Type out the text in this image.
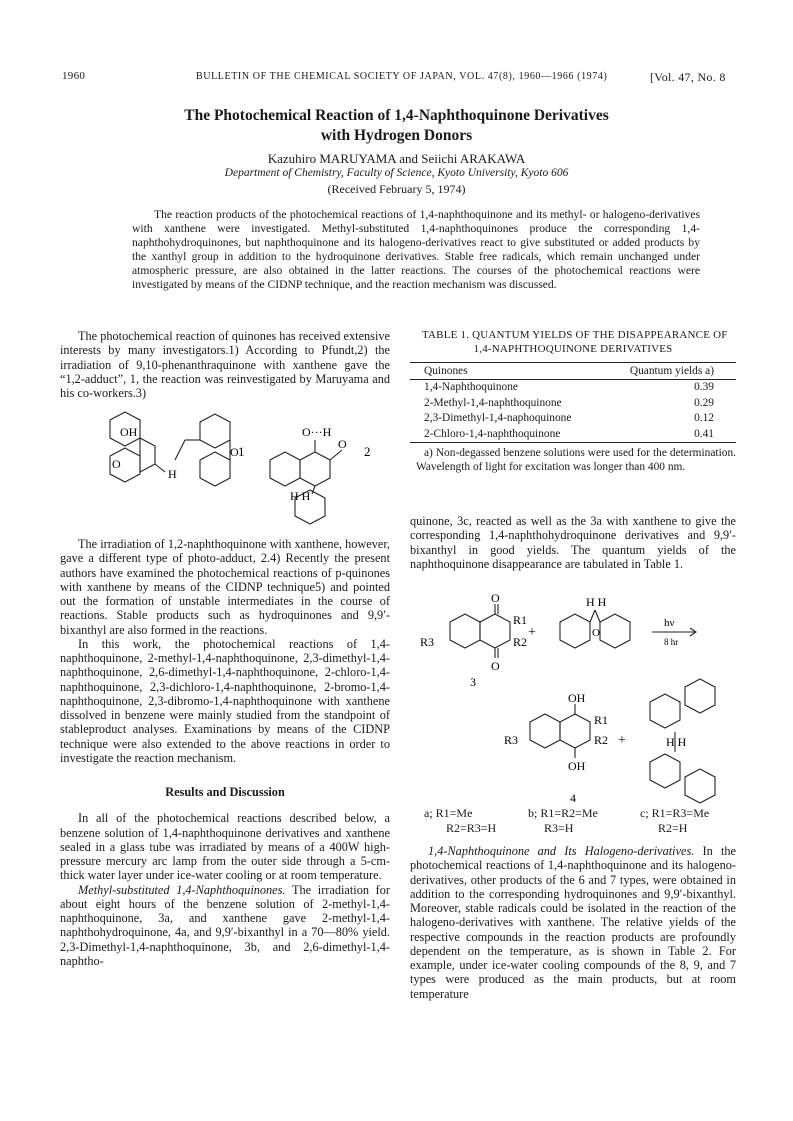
1960	BULLETIN OF THE CHEMICAL SOCIETY OF JAPAN, VOL. 47(8), 1960—1966 (1974)	[Vol. 47, No. 8
The Photochemical Reaction of 1,4-Naphthoquinone Derivatives
with Hydrogen Donors
Kazuhiro MARUYAMA and Seiichi ARAKAWA
Department of Chemistry, Faculty of Science, Kyoto University, Kyoto 606
(Received February 5, 1974)
The reaction products of the photochemical reactions of 1,4-naphthoquinone and its methyl- or halogeno-derivatives with xanthene were investigated. Methyl-substituted 1,4-naphthoquinones produce the corresponding 1,4-naphthohydroquinones, but naphthoquinone and its halogeno-derivatives react to give substituted or added products by the xanthyl group in addition to the hydroquinone derivatives. Stable free radicals, which remain unchanged under atmospheric pressure, are also obtained in the latter reactions. The courses of the photochemical reactions were investigated by means of the CIDNP technique, and the reaction mechanism was discussed.

The photochemical reaction of quinones has received extensive interests by many investigators.1) According to Pfundt,2) the irradiation of 9,10-phenanthraquinone with xanthene gave the “1,2-adduct”, 1, the reaction was reinvestigated by Maruyama and his co-workers.3)

OH
O
H
O 1
O···H
O
H H
2

The irradiation of 1,2-naphthoquinone with xanthene, however, gave a different type of photo-adduct, 2.4) Recently the present authors have examined the photochemical reactions of p-quinones with xanthene by means of the CIDNP technique5) and pointed out the formation of unstable intermediates in the course of reactions. Stable products such as hydroquinones and 9,9′-bixanthyl are also formed in the reactions.

In this work, the photochemical reactions of 1,4-naphthoquinone, 2-methyl-1,4-naphthoquinone, 2,3-dimethyl-1,4-naphthoquinone, 2,6-dimethyl-1,4-naphthoquinone, 2-chloro-1,4-naphthoquinone, 2,3-dichloro-1,4-naphthoquinone, 2-bromo-1,4-naphthoquinone, 2,3-dibromo-1,4-naphthoquinone with xanthene dissolved in benzene were mainly studied from the standpoint of stableproduct analyses. Examinations by means of the CIDNP technique were also extended to the above reactions in order to investigate the reaction mechanism.

Results and Discussion

In all of the photochemical reactions described below, a benzene solution of 1,4-naphthoquinone derivatives and xanthene sealed in a glass tube was irradiated by means of a 400W high-pressure mercury arc lamp from the outer side through a 5-cm-thick water layer under ice-water cooling or at room temperature.

Methyl-substituted 1,4-Naphthoquinones. The irradiation for about eight hours of the benzene solution of 2-methyl-1,4-naphthoquinone, 3a, and xanthene gave 2-methyl-1,4-naphthohydroquinone, 4a, and 9,9′-bixanthyl in a 70—80% yield. 2,3-Dimethyl-1,4-naphthoquinone, 3b, and 2,6-dimethyl-1,4-naphtho-

TABLE 1. QUANTUM YIELDS OF THE DISAPPEARANCE OF
1,4-NAPHTHOQUINONE DERIVATIVES
Quinones	Quantum yields a)
1,4-Naphthoquinone	0.39
2-Methyl-1,4-naphthoquinone	0.29
2,3-Dimethyl-1,4-naphoquinone	0.12
2-Chloro-1,4-naphthoquinone	0.41
a) Non-degassed benzene solutions were used for the determination. Wavelength of light for excitation was longer than 400 nm.

quinone, 3c, reacted as well as the 3a with xanthene to give the corresponding 1,4-naphthohydroquinone derivatives and 9,9′-bixanthyl in good yields. The quantum yields of the naphthoquinone disappearance are tabulated in Table 1.

O
O
R1
R2
R3
+
H H
O
hν
8 hr
3
OH
OH
R1
R2
R3	+	H H
4
a; R1=Me
R2=R3=H
b; R1=R2=Me
R3=H
c; R1=R3=Me
R2=H

1,4-Naphthoquinone and Its Halogeno-derivatives. In the photochemical reactions of 1,4-naphthoquinone and its halogeno-derivatives, other products of the 6 and 7 types, were obtained in addition to the corresponding hydroquinones and 9,9′-bixanthyl. Moreover, stable radicals could be isolated in the reaction of the halogeno-derivatives with xanthene. The relative yields of the respective compounds in the reaction products are profoundly dependent on the temperature, as is shown in Table 2. For example, under ice-water cooling compounds of the 8, 9, and 7 types were produced as the main products, but at room temperature
